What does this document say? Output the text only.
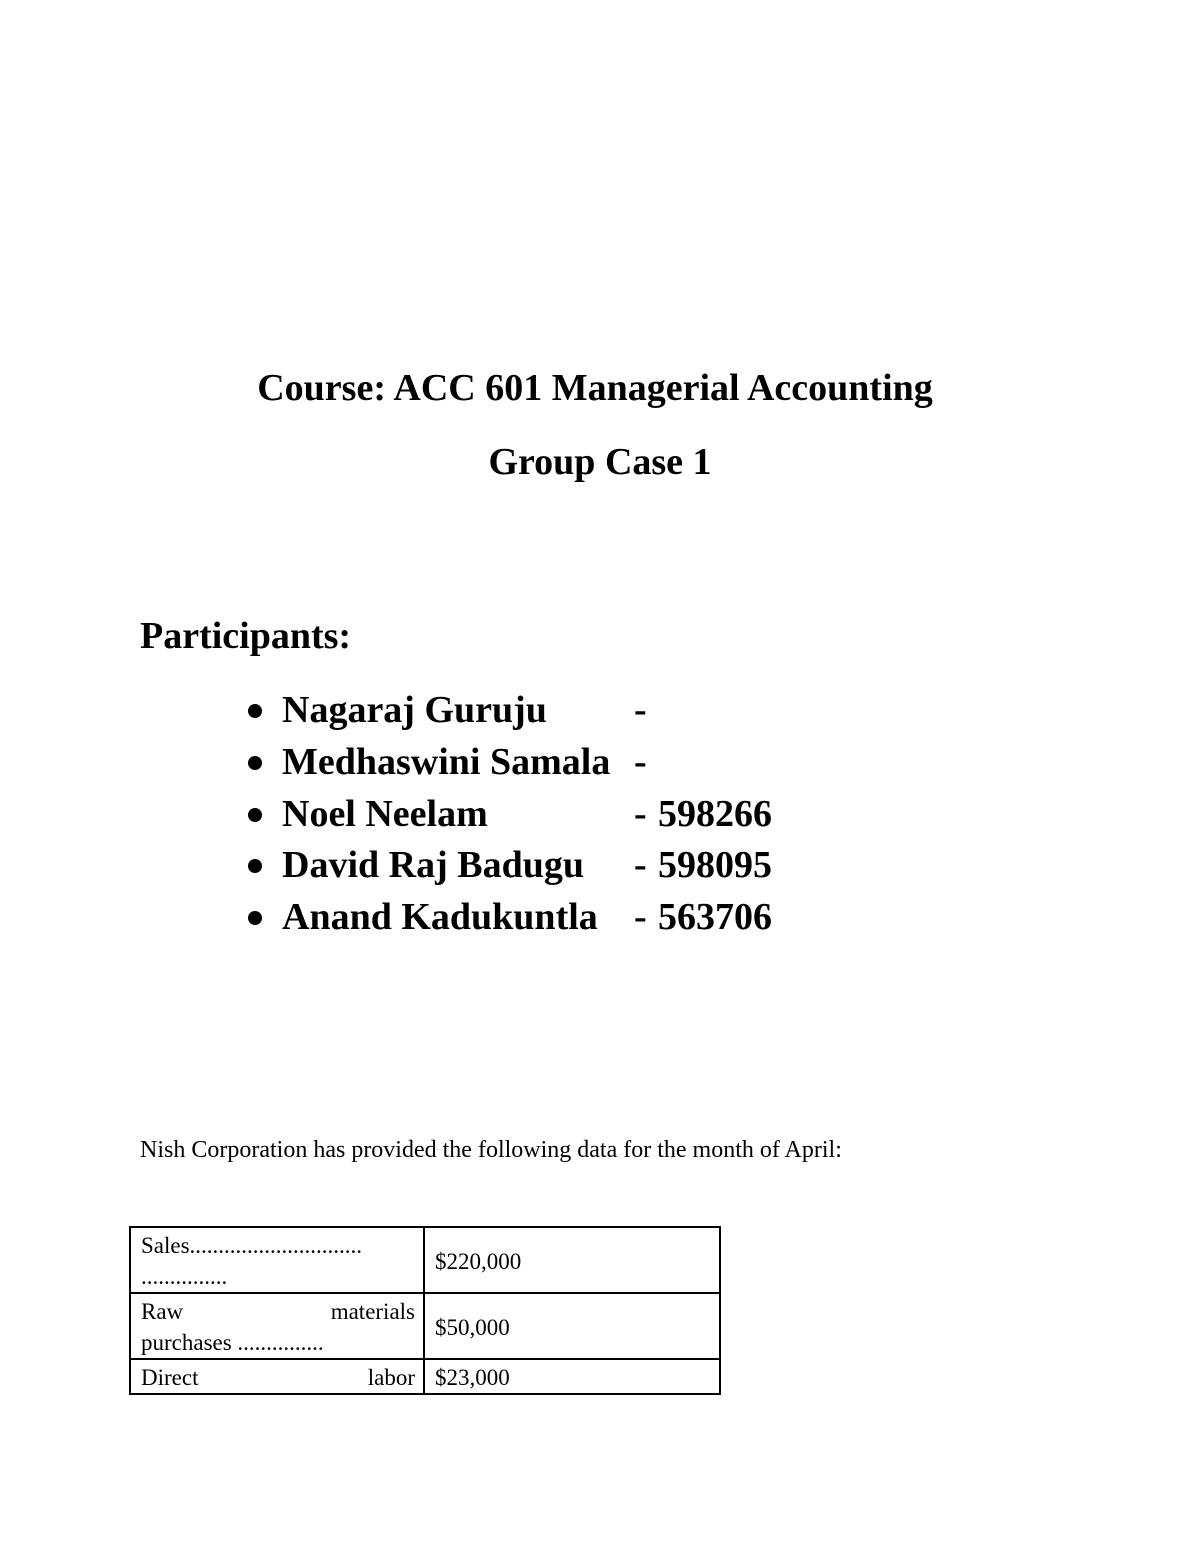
Course: ACC 601 Managerial Accounting
Group Case 1
Participants:
Nagaraj Guruju -
Medhaswini Samala -
Noel Neelam	- 598266
David Raj Badugu - 598095
Anand Kadukuntla - 563706
Nish Corporation has provided the following data for the month of April:
Sales..............................
...............	$220,000

Raw materials
purchases ...............	$50,000

Direct labor	$23,000
